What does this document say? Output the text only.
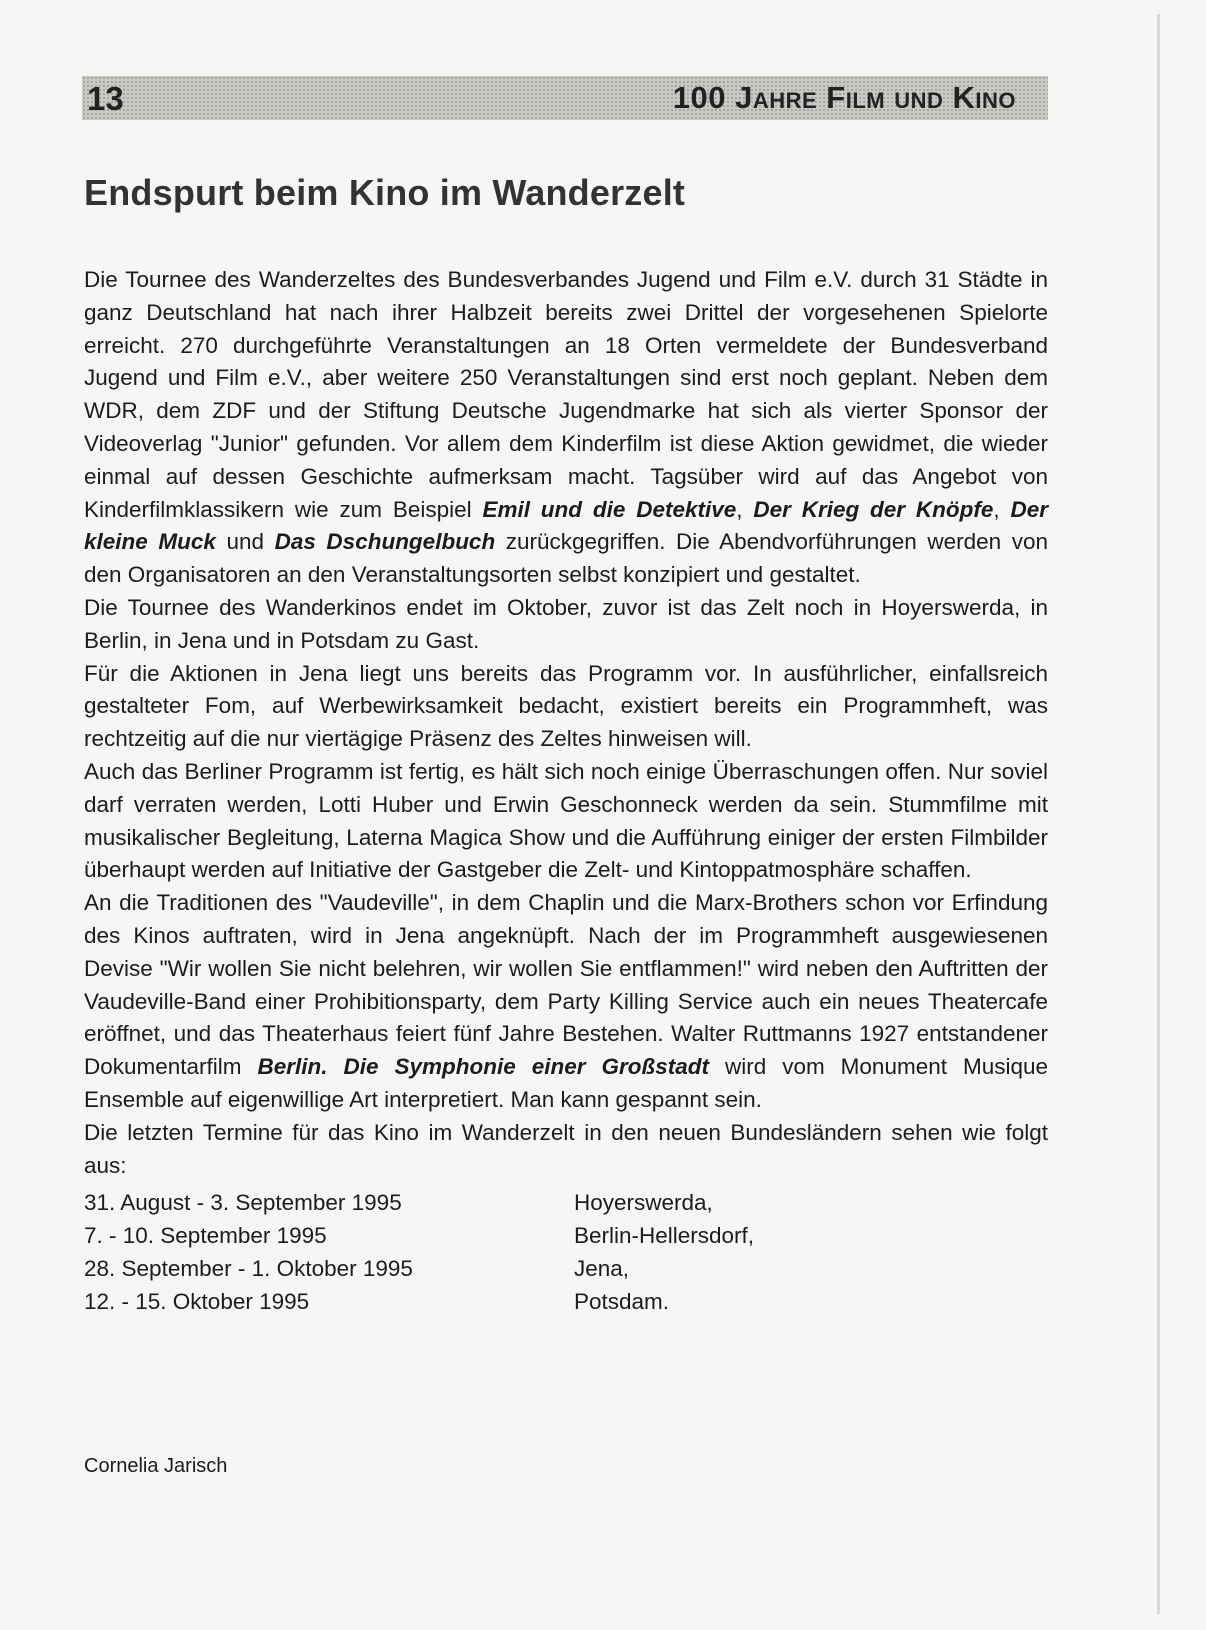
13	100 Jahre Film und Kino
Endspurt beim Kino im Wanderzelt

Die Tournee des Wanderzeltes des Bundesverbandes Jugend und Film e.V. durch 31 Städte in ganz Deutschland hat nach ihrer Halbzeit bereits zwei Drittel der vorgesehenen Spielorte erreicht. 270 durchgeführte Veranstaltungen an 18 Orten vermeldete der Bundesverband Jugend und Film e.V., aber weitere 250 Veranstaltungen sind erst noch geplant. Neben dem WDR, dem ZDF und der Stiftung Deutsche Jugendmarke hat sich als vierter Sponsor der Videoverlag "Junior" gefunden. Vor allem dem Kinderfilm ist diese Aktion gewidmet, die wieder einmal auf dessen Geschichte aufmerksam macht. Tagsüber wird auf das Angebot von Kinderfilmklassikern wie zum Beispiel Emil und die Detektive, Der Krieg der Knöpfe, Der kleine Muck und Das Dschungelbuch zurückgegriffen. Die Abendvorführungen werden von den Organisatoren an den Veranstaltungsorten selbst konzipiert und gestaltet.

Die Tournee des Wanderkinos endet im Oktober, zuvor ist das Zelt noch in Hoyerswerda, in Berlin, in Jena und in Potsdam zu Gast.

Für die Aktionen in Jena liegt uns bereits das Programm vor. In ausführlicher, einfallsreich gestalteter Fom, auf Werbewirksamkeit bedacht, existiert bereits ein Programmheft, was rechtzeitig auf die nur viertägige Präsenz des Zeltes hinweisen will.

Auch das Berliner Programm ist fertig, es hält sich noch einige Überraschungen offen. Nur soviel darf verraten werden, Lotti Huber und Erwin Geschonneck werden da sein. Stummfilme mit musikalischer Begleitung, Laterna Magica Show und die Aufführung einiger der ersten Filmbilder überhaupt werden auf Initiative der Gastgeber die Zelt- und Kintoppatmosphäre schaffen.

An die Traditionen des "Vaudeville", in dem Chaplin und die Marx-Brothers schon vor Erfindung des Kinos auftraten, wird in Jena angeknüpft. Nach der im Programmheft ausgewiesenen Devise "Wir wollen Sie nicht belehren, wir wollen Sie entflammen!" wird neben den Auftritten der Vaudeville-Band einer Prohibitionsparty, dem Party Killing Service auch ein neues Theatercafe eröffnet, und das Theaterhaus feiert fünf Jahre Bestehen. Walter Ruttmanns 1927 entstandener Dokumentarfilm Berlin. Die Symphonie einer Großstadt wird vom Monument Musique Ensemble auf eigenwillige Art interpretiert. Man kann gespannt sein.

Die letzten Termine für das Kino im Wanderzelt in den neuen Bundesländern sehen wie folgt aus:

31. August - 3. September 1995	Hoyerswerda,
7. - 10. September 1995	Berlin-Hellersdorf,
28. September - 1. Oktober 1995	Jena,
12. - 15. Oktober 1995	Potsdam.
Cornelia Jarisch
